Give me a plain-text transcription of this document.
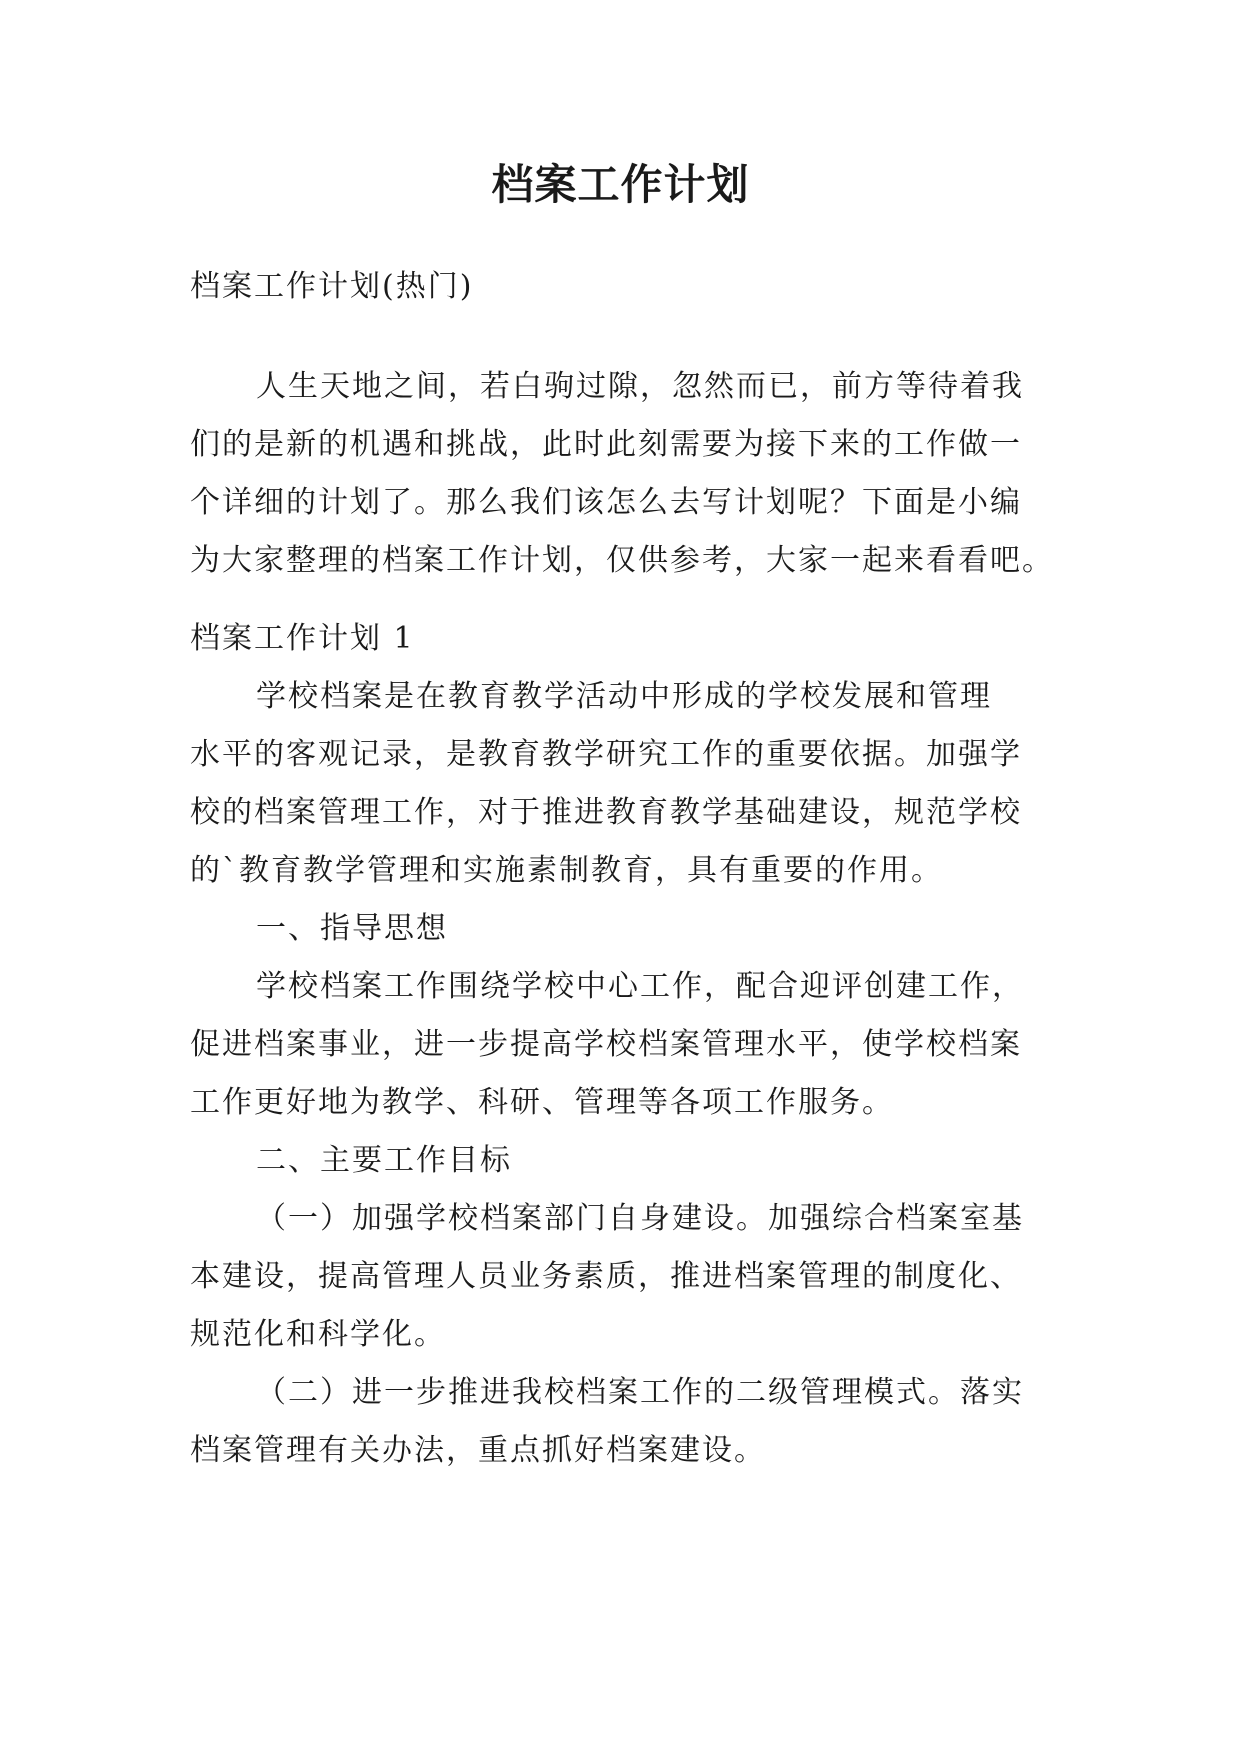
档案工作计划
档案工作计划(热门)
人生天地之间，若白驹过隙，忽然而已，前方等待着我
们的是新的机遇和挑战，此时此刻需要为接下来的工作做一
个详细的计划了。那么我们该怎么去写计划呢？下面是小编
为大家整理的档案工作计划，仅供参考，大家一起来看看吧。
档案工作计划 1
学校档案是在教育教学活动中形成的学校发展和管理
水平的客观记录，是教育教学研究工作的重要依据。加强学
校的档案管理工作，对于推进教育教学基础建设，规范学校
的`教育教学管理和实施素制教育，具有重要的作用。
一、指导思想
学校档案工作围绕学校中心工作，配合迎评创建工作，
促进档案事业，进一步提高学校档案管理水平，使学校档案
工作更好地为教学、科研、管理等各项工作服务。
二、主要工作目标
（一）加强学校档案部门自身建设。加强综合档案室基
本建设，提高管理人员业务素质，推进档案管理的制度化、
规范化和科学化。
（二）进一步推进我校档案工作的二级管理模式。落实
档案管理有关办法，重点抓好档案建设。
